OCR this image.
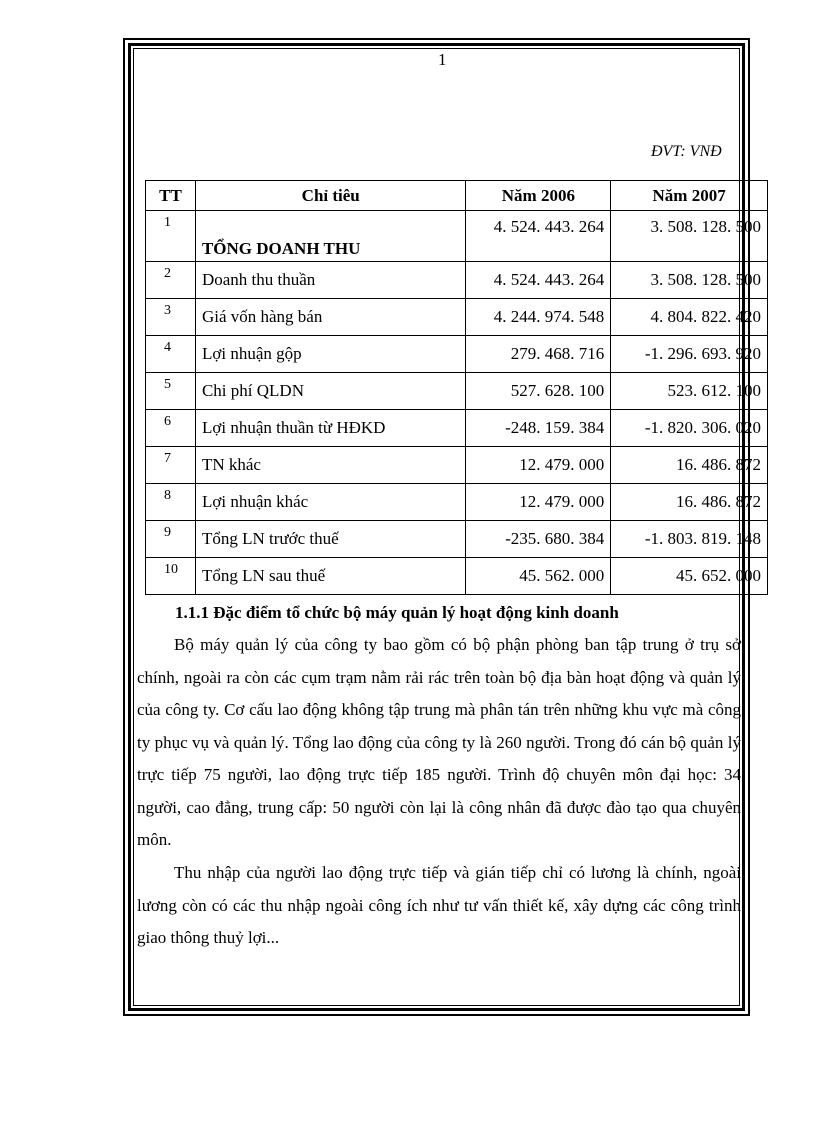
1
ĐVT: VNĐ
TT	Chỉ tiêu	Năm 2006	Năm 2007
1	TỔNG DOANH THU	4. 524. 443. 264	3. 508. 128. 500
2	Doanh thu thuần	4. 524. 443. 264	3. 508. 128. 500
3	Giá vốn hàng bán	4. 244. 974. 548	4. 804. 822. 420
4	Lợi nhuận gộp	279. 468. 716	-1. 296. 693. 920
5	Chi phí QLDN	527. 628. 100	523. 612. 100
6	Lợi nhuận thuần từ HĐKD	-248. 159. 384	-1. 820. 306. 020
7	TN khác	12. 479. 000	16. 486. 872
8	Lợi nhuận khác	12. 479. 000	16. 486. 872
9	Tổng LN trước thuế	-235. 680. 384	-1. 803. 819. 148
10	Tổng LN sau thuế	45. 562. 000	45. 652. 000
1.1.1 Đặc điểm tổ chức bộ máy quản lý hoạt động kinh doanh

Bộ máy quản lý của công ty bao gồm có bộ phận phòng ban tập trung ở trụ sở chính, ngoài ra còn các cụm trạm nằm rải rác trên toàn bộ địa bàn hoạt động và quản lý của công ty. Cơ cấu lao động không tập trung mà phân tán trên những khu vực mà công ty phục vụ và quản lý. Tổng lao động của công ty là 260 người. Trong đó cán bộ quản lý trực tiếp 75 người, lao động trực tiếp 185 người. Trình độ chuyên môn đại học: 34 người, cao đẳng, trung cấp: 50 người còn lại là công nhân đã được đào tạo qua chuyên môn.

Thu nhập của người lao động trực tiếp và gián tiếp chỉ có lương là chính, ngoài lương còn có các thu nhập ngoài công ích như tư vấn thiết kế, xây dựng các công trình giao thông thuỷ lợi...
